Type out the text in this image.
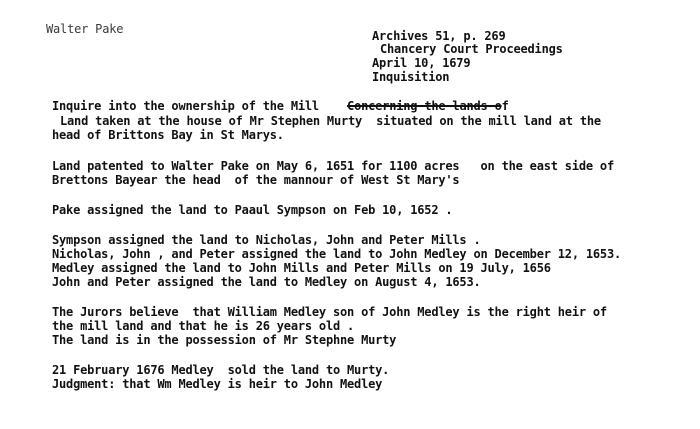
Walter Pake	Archives 51, p. 269
Chancery Court Proceedings
April 10, 1679
Inquisition
Inquire into the ownership of the Mill Concerning the lands of
Land taken at the house of Mr Stephen Murty  situated on the mill land at the
head of Brittons Bay in St Marys.
Land patented to Walter Pake on May 6, 1651 for 1100 acres   on the east side of
Brettons Bayear the head  of the mannour of West St Mary's
Pake assigned the land to Paaul Sympson on Feb 10, 1652 .
Sympson assigned the land to Nicholas, John and Peter Mills .
Nicholas, John , and Peter assigned the land to John Medley on December 12, 1653.
Medley assigned the land to John Mills and Peter Mills on 19 July, 1656
John and Peter assigned the land to Medley on August 4, 1653.
The Jurors believe  that William Medley son of John Medley is the right heir of
the mill land and that he is 26 years old .
The land is in the possession of Mr Stephne Murty
21 February 1676 Medley  sold the land to Murty.
Judgment: that Wm Medley is heir to John Medley
